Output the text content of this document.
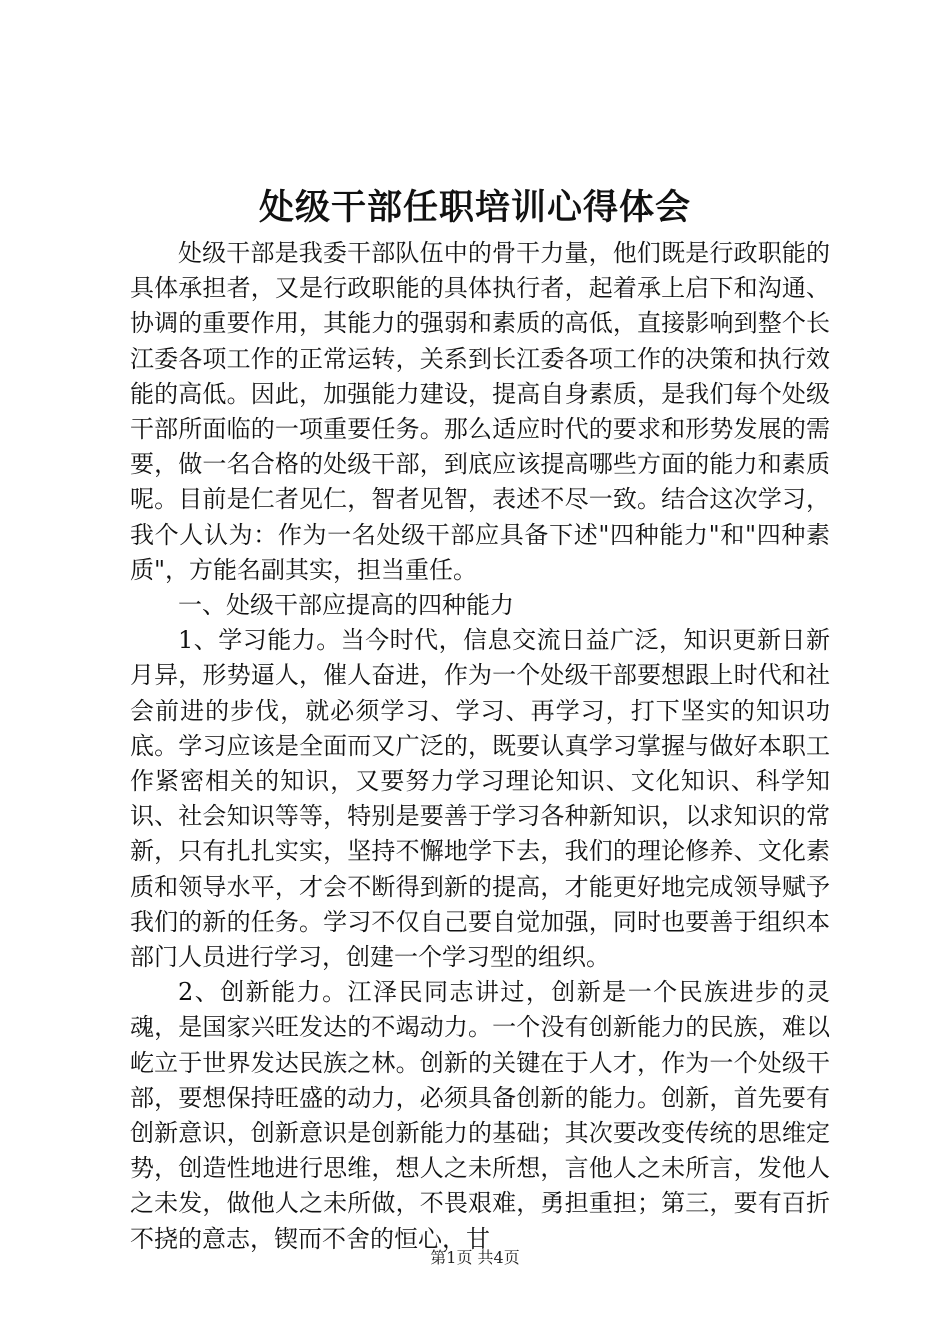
处级干部任职培训心得体会

处级干部是我委干部队伍中的骨干力量，他们既是行政职能的具体承担者，又是行政职能的具体执行者，起着承上启下和沟通、协调的重要作用，其能力的强弱和素质的高低，直接影响到整个长江委各项工作的正常运转，关系到长江委各项工作的决策和执行效能的高低。因此，加强能力建设，提高自身素质，是我们每个处级干部所面临的一项重要任务。那么适应时代的要求和形势发展的需要，做一名合格的处级干部，到底应该提高哪些方面的能力和素质呢。目前是仁者见仁，智者见智，表述不尽一致。结合这次学习，我个人认为：作为一名处级干部应具备下述"四种能力"和"四种素质"，方能名副其实，担当重任。

一、处级干部应提高的四种能力

1、学习能力。当今时代，信息交流日益广泛，知识更新日新月异，形势逼人，催人奋进，作为一个处级干部要想跟上时代和社会前进的步伐，就必须学习、学习、再学习，打下坚实的知识功底。学习应该是全面而又广泛的，既要认真学习掌握与做好本职工作紧密相关的知识，又要努力学习理论知识、文化知识、科学知识、社会知识等等，特别是要善于学习各种新知识，以求知识的常新，只有扎扎实实，坚持不懈地学下去，我们的理论修养、文化素质和领导水平，才会不断得到新的提高，才能更好地完成领导赋予我们的新的任务。学习不仅自己要自觉加强，同时也要善于组织本部门人员进行学习，创建一个学习型的组织。

2、创新能力。江泽民同志讲过，创新是一个民族进步的灵魂，是国家兴旺发达的不竭动力。一个没有创新能力的民族，难以屹立于世界发达民族之林。创新的关键在于人才，作为一个处级干部，要想保持旺盛的动力，必须具备创新的能力。创新，首先要有创新意识，创新意识是创新能力的基础；其次要改变传统的思维定势，创造性地进行思维，想人之未所想，言他人之未所言，发他人之未发，做他人之未所做，不畏艰难，勇担重担；第三，要有百折不挠的意志，锲而不舍的恒心，甘

第1页 共4页
